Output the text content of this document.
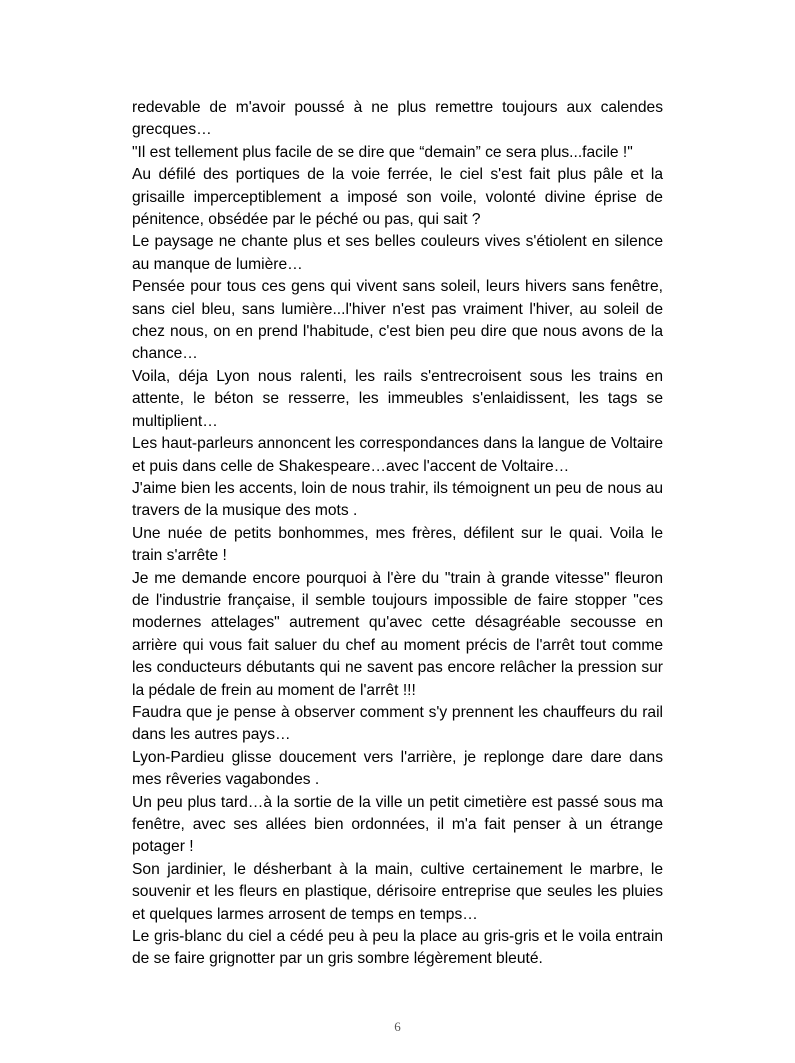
redevable de m'avoir poussé à ne plus remettre toujours aux calendes grecques…

"Il est tellement plus facile de se dire que “demain” ce sera plus...facile !"

Au défilé des portiques de la voie ferrée, le ciel s'est fait plus pâle et la grisaille imperceptiblement a imposé son voile, volonté divine éprise de pénitence, obsédée par le péché ou pas, qui sait ?

Le paysage ne chante plus et ses belles couleurs vives s'étiolent en silence au manque de lumière…

Pensée pour tous ces gens qui vivent sans soleil, leurs hivers sans fenêtre, sans ciel bleu, sans lumière...l'hiver n'est pas vraiment l'hiver, au soleil de chez nous, on en prend l'habitude, c'est bien peu dire que nous avons de la chance…

Voila, déja Lyon nous ralenti, les rails s'entrecroisent sous les trains en attente, le béton se resserre, les immeubles s'enlaidissent, les tags se multiplient…

Les haut-parleurs annoncent les correspondances dans la langue de Voltaire et puis dans celle de Shakespeare…avec l'accent de Voltaire…

J'aime bien les accents, loin de nous trahir, ils témoignent un peu de nous au travers de la musique des mots .

Une nuée de petits bonhommes, mes frères, défilent sur le quai. Voila le train s'arrête !

Je me demande encore pourquoi à l'ère du "train à grande vitesse" fleuron de l'industrie française, il semble toujours impossible de faire stopper "ces modernes attelages" autrement qu'avec cette désagréable secousse en arrière qui vous fait saluer du chef au moment précis de l'arrêt tout comme les conducteurs débutants qui ne savent pas encore relâcher la pression sur la pédale de frein au moment de l'arrêt !!!

Faudra que je pense à observer comment s'y prennent les chauffeurs du rail dans les autres pays…

Lyon-Pardieu glisse doucement vers l'arrière, je replonge dare dare dans mes rêveries vagabondes .

Un peu plus tard…à la sortie de la ville un petit cimetière est passé sous ma fenêtre, avec ses allées bien ordonnées, il m'a fait penser à un étrange potager !

Son jardinier, le désherbant à la main, cultive certainement le marbre, le souvenir et les fleurs en plastique, dérisoire entreprise que seules les pluies et quelques larmes arrosent de temps en temps…

Le gris-blanc du ciel a cédé peu à peu la place au gris-gris et le voila entrain de se faire grignotter par un gris sombre légèrement bleuté.

6
